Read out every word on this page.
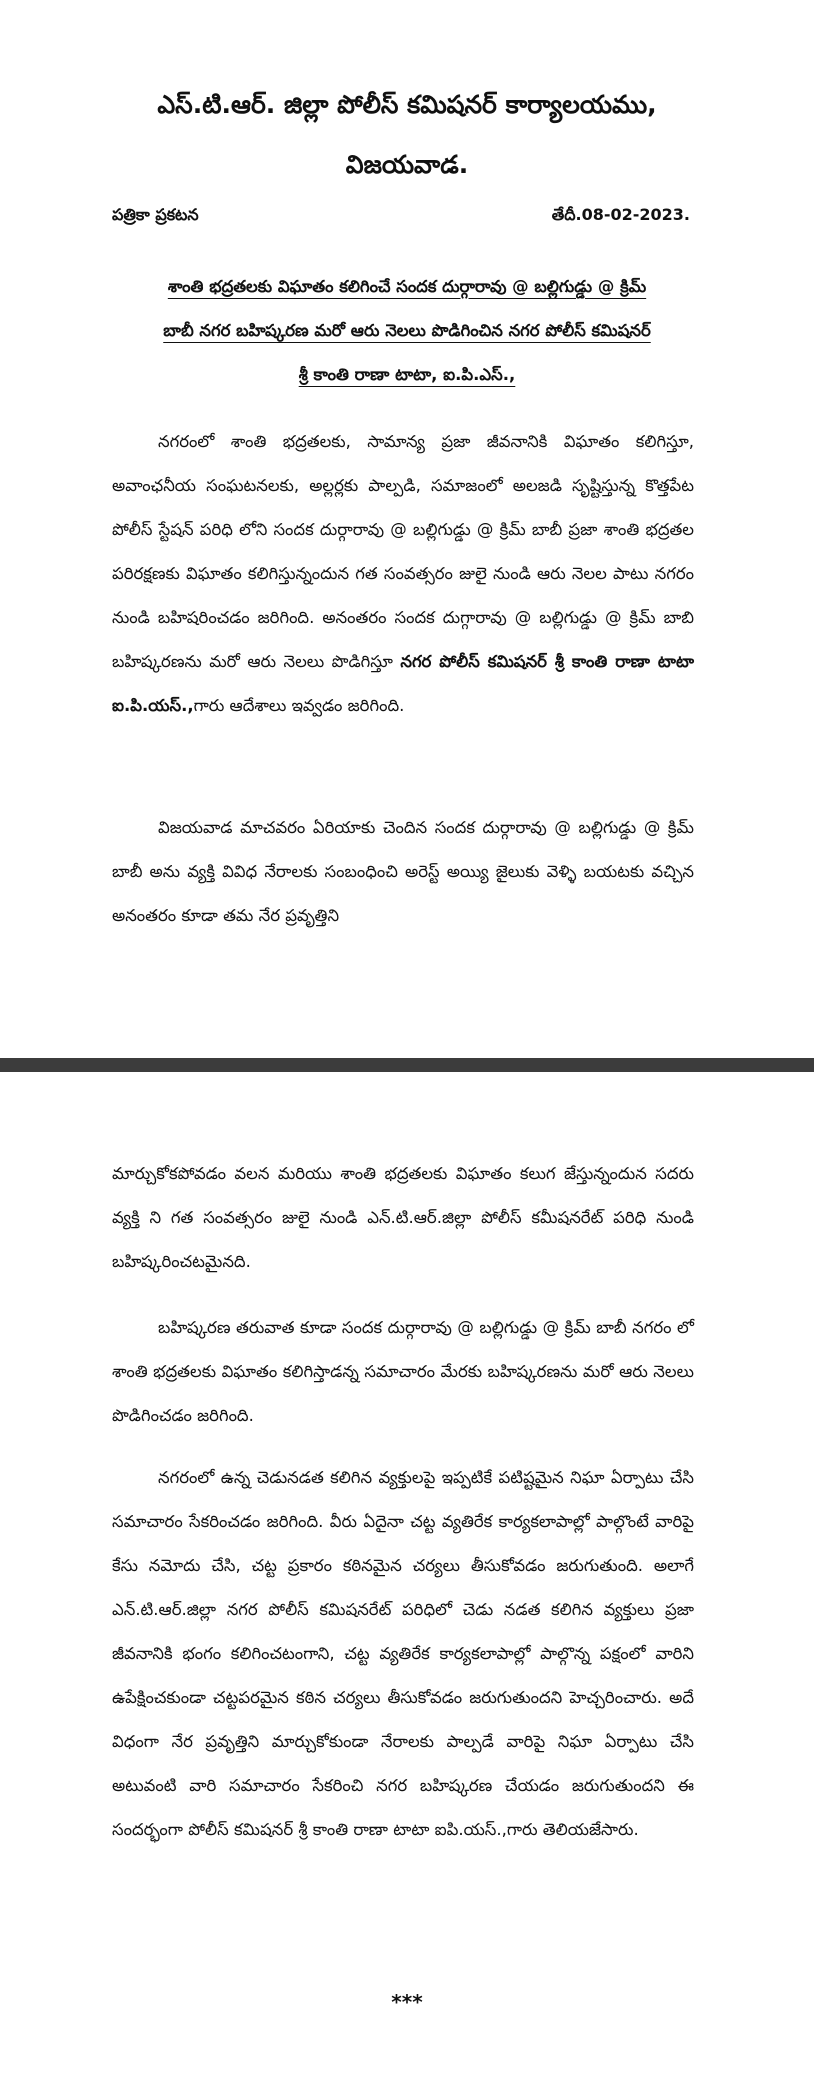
ఎస్.టి.ఆర్. జిల్లా పోలీస్ కమిషనర్ కార్యాలయము,
విజయవాడ.
పత్రికా ప్రకటన	తేదీ.08-02-2023.
శాంతి భద్రతలకు విఘాతం కలిగించే సందక దుర్గారావు @ బల్లిగుడ్డు @ క్రిమ్
బాబీ నగర బహిష్కరణ మరో ఆరు నెలలు పొడిగించిన నగర పోలీస్ కమిషనర్
శ్రీ కాంతి రాణా టాటా, ఐ.పి.ఎస్.,

నగరంలో శాంతి భద్రతలకు, సామాన్య ప్రజా జీవనానికి విఘాతం కలిగిస్తూ, అవాంఛనీయ సంఘటనలకు, అల్లర్లకు పాల్పడి, సమాజంలో అలజడి సృష్టిస్తున్న కొత్తపేట పోలీస్ స్టేషన్ పరిధి లోని సందక దుర్గారావు @ బల్లిగుడ్డు @ క్రిమ్ బాబీ ప్రజా శాంతి భద్రతల పరిరక్షణకు విఘాతం కలిగిస్తున్నందున గత సంవత్సరం జులై నుండి ఆరు నెలల పాటు నగరం నుండి బహిషరించడం జరిగింది. అనంతరం సందక దుగ్గారావు @ బల్లిగుడ్డు @ క్రిమ్ బాబి బహిష్కరణను మరో ఆరు నెలలు పొడిగిస్తూ నగర పోలీస్ కమిషనర్ శ్రీ కాంతి రాణా టాటా ఐ.పి.యస్.,గారు ఆదేశాలు ఇవ్వడం జరిగింది.

విజయవాడ మాచవరం ఏరియాకు చెందిన సందక దుర్గారావు @ బల్లిగుడ్డు @ క్రిమ్ బాబీ అను వ్యక్తి వివిధ నేరాలకు సంబంధించి అరెస్ట్ అయ్యి జైలుకు వెళ్ళి బయటకు వచ్చిన అనంతరం కూడా తమ నేర ప్రవృత్తిని

మార్చుకోకపోవడం వలన మరియు శాంతి భద్రతలకు విఘాతం కలుగ జేస్తున్నందున సదరు వ్యక్తి ని గత సంవత్సరం జులై నుండి ఎన్.టి.ఆర్.జిల్లా పోలీస్ కమీషనరేట్ పరిధి నుండి బహిష్కరించటమైనది.

బహిష్కరణ తరువాత కూడా సందక దుర్గారావు @ బల్లిగుడ్డు @ క్రిమ్ బాబీ నగరం లో శాంతి భద్రతలకు విఘాతం కలిగిస్తాడన్న సమాచారం మేరకు బహిష్కరణను మరో ఆరు నెలలు పొడిగించడం జరిగింది.

నగరంలో ఉన్న చెడునడత కలిగిన వ్యక్తులపై ఇప్పటికే పటిష్టమైన నిఘా ఏర్పాటు చేసి సమాచారం సేకరించడం జరిగింది. వీరు ఏదైనా చట్ట వ్యతిరేక కార్యకలాపాల్లో పాల్గొంటే వారిపై కేసు నమోదు చేసి, చట్ట ప్రకారం కఠినమైన చర్యలు తీసుకోవడం జరుగుతుంది. అలాగే ఎన్.టి.ఆర్.జిల్లా నగర పోలీస్ కమిషనరేట్ పరిధిలో చెడు నడత కలిగిన వ్యక్తులు ప్రజా జీవనానికి భంగం కలిగించటంగాని, చట్ట వ్యతిరేక కార్యకలాపాల్లో పాల్గొన్న పక్షంలో వారిని ఉపేక్షించకుండా చట్టపరమైన కఠిన చర్యలు తీసుకోవడం జరుగుతుందని హెచ్చరించారు. అదే విధంగా నేర ప్రవృత్తిని మార్చుకోకుండా నేరాలకు పాల్పడే వారిపై నిఘా ఏర్పాటు చేసి అటువంటి వారి సమాచారం సేకరించి నగర బహిష్కరణ చేయడం జరుగుతుందని ఈ సందర్భంగా పోలీస్ కమిషనర్ శ్రీ కాంతి రాణా టాటా ఐపి.యస్.,గారు తెలియజేసారు.

***
